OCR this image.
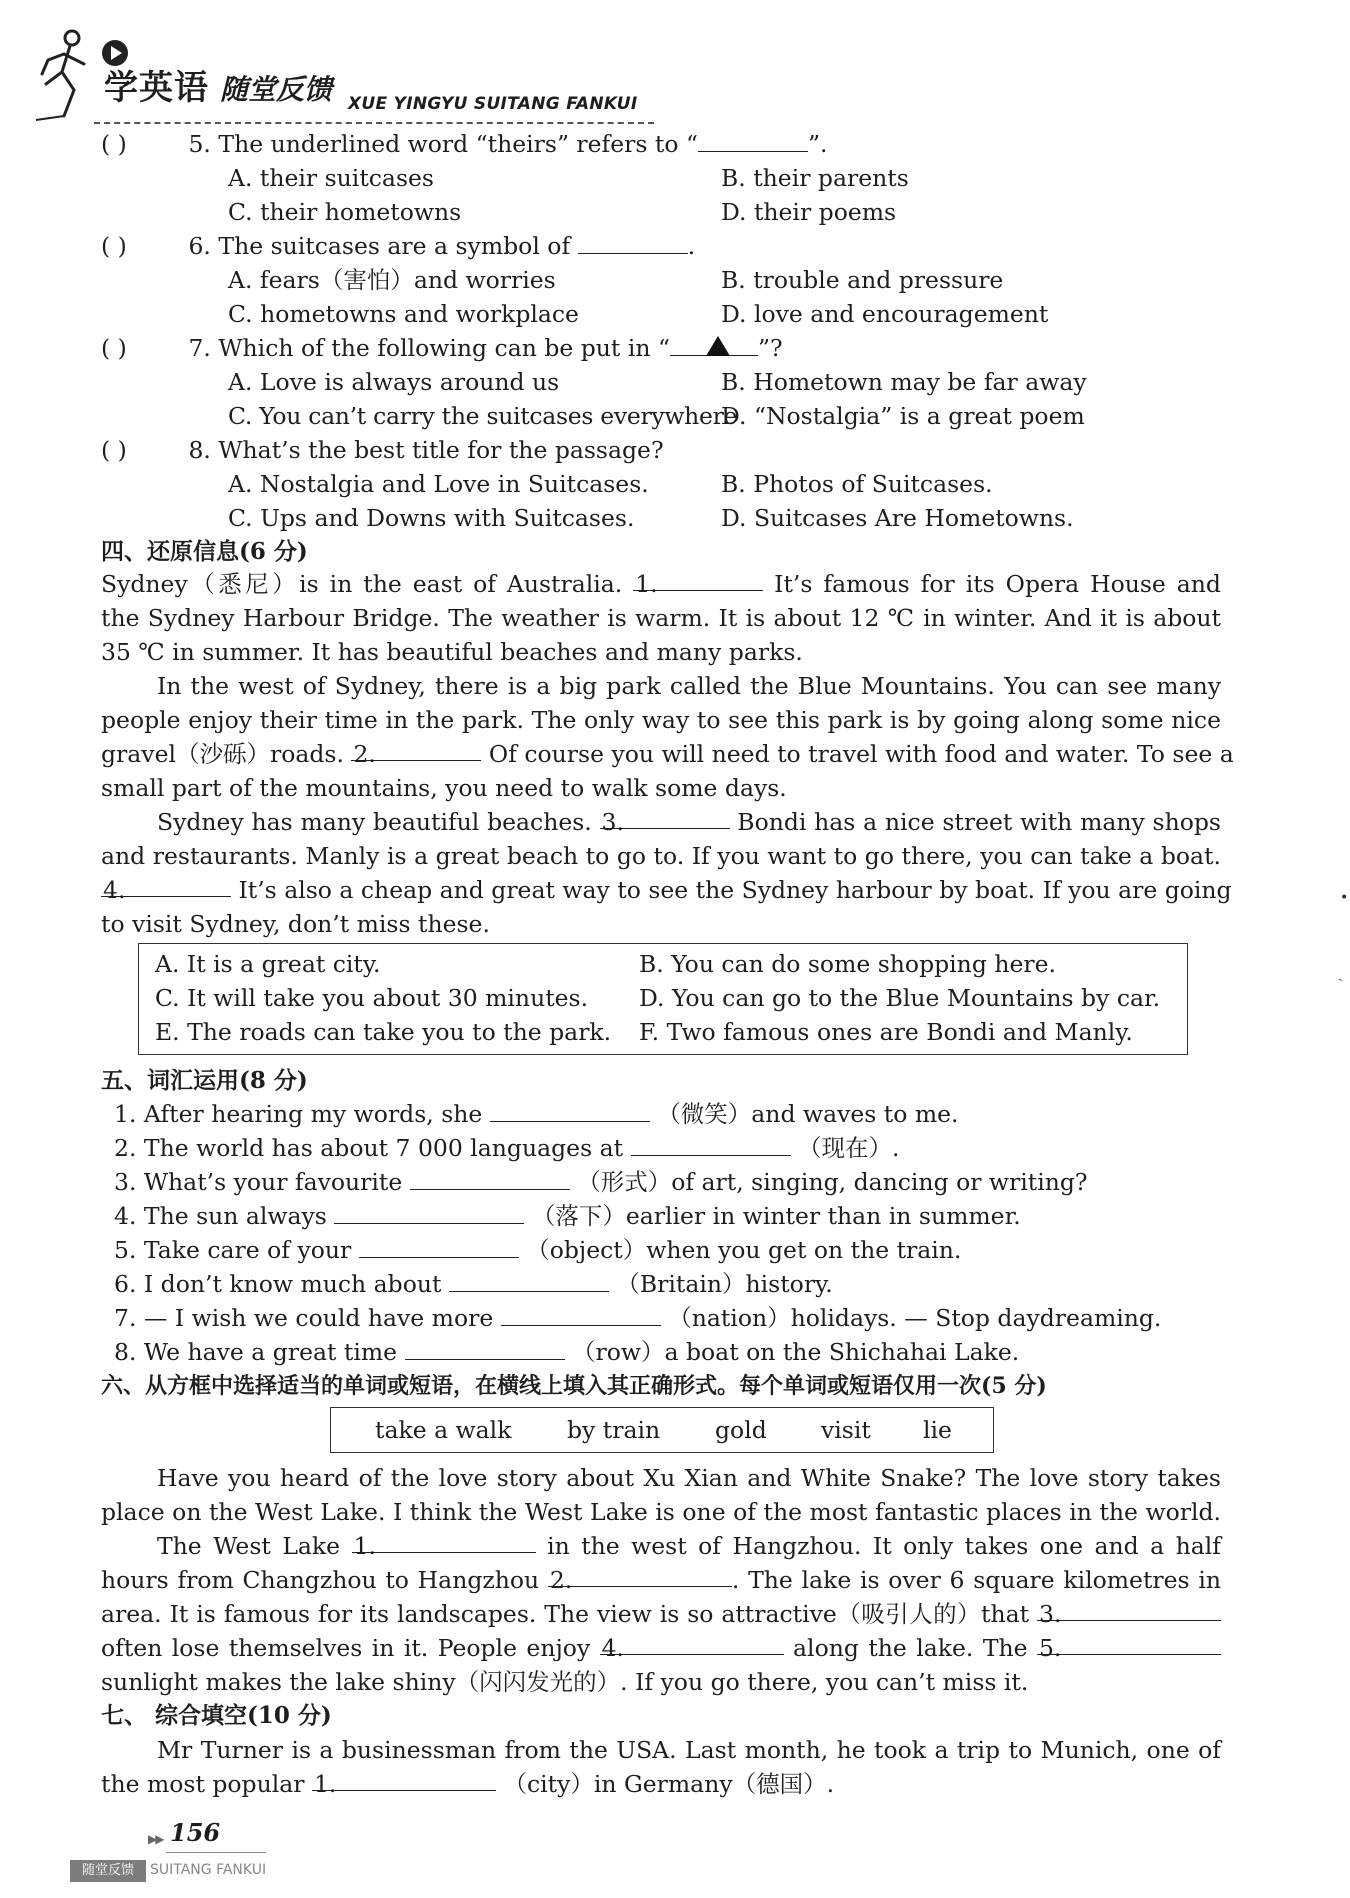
学英语 随堂反馈 XUE YINGYU SUITANG FANKUI
( )	5. The underlined word “theirs” refers to “	”.
A. their suitcases	B. their parents
C. their hometowns	D. their poems
( )	6. The suitcases are a symbol of	.
A. fears（害怕）and worries	B. trouble and pressure
C. hometowns and workplace	D. love and encouragement
( )	7. Which of the following can be put in “	”?
A. Love is always around us	B. Hometown may be far away
C. You can’t carry the suitcases everywhere
D. “Nostalgia” is a great poem
( )	8. What’s the best title for the passage?
A. Nostalgia and Love in Suitcases.	B. Photos of Suitcases.
C. Ups and Downs with Suitcases.	D. Suitcases Are Hometowns.
四、还原信息(6 分)
Sydney（悉尼）is in the east of Australia. 1.	It’s famous for its Opera House and
the Sydney Harbour Bridge. The weather is warm. It is about 12 ℃ in winter. And it is about
35 ℃ in summer. It has beautiful beaches and many parks.
In the west of Sydney, there is a big park called the Blue Mountains. You can see many
people enjoy their time in the park. The only way to see this park is by going along some nice
gravel（沙砾）roads. 2.	Of course you will need to travel with food and water. To see a
small part of the mountains, you need to walk some days.
Sydney has many beautiful beaches. 3.	Bondi has a nice street with many shops
and restaurants. Manly is a great beach to go to. If you want to go there, you can take a boat.
4.	It’s also a cheap and great way to see the Sydney harbour by boat. If you are going
to visit Sydney, don’t miss these.
A. It is a great city.	B. You can do some shopping here.
C. It will take you about 30 minutes. D. You can go to the Blue Mountains by car.
E. The roads can take you to the park. F. Two famous ones are Bondi and Manly.
五、词汇运用(8 分)
1. After hearing my words, she	（微笑）and waves to me.
2. The world has about 7 000 languages at	（现在）.
3. What’s your favourite	（形式）of art, singing, dancing or writing?
4. The sun always	（落下）earlier in winter than in summer.
5. Take care of your	（object）when you get on the train.
6. I don’t know much about	（Britain）history.
7. — I wish we could have more	（nation）holidays. — Stop daydreaming.
8. We have a great time	（row）a boat on the Shichahai Lake.
六、从方框中选择适当的单词或短语，在横线上填入其正确形式。每个单词或短语仅用一次(5 分)
take a walk by train gold visit lie
Have you heard of the love story about Xu Xian and White Snake? The love story takes
place on the West Lake. I think the West Lake is one of the most fantastic places in the world.
The West Lake 1.	in the west of Hangzhou. It only takes one and a half
hours from Changzhou to Hangzhou 2.	. The lake is over 6 square kilometres in
area. It is famous for its landscapes. The view is so attractive（吸引人的）that 3.
often lose themselves in it. People enjoy 4.	along the lake. The 5.
sunlight makes the lake shiny（闪闪发光的）. If you go there, you can’t miss it.
七、 综合填空(10 分)
Mr Turner is a businessman from the USA. Last month, he took a trip to Munich, one of
the most popular 1.	（city）in Germany（德国）.
•
ˎ
▶▶ 156
随堂反馈	SUITANG FANKUI
